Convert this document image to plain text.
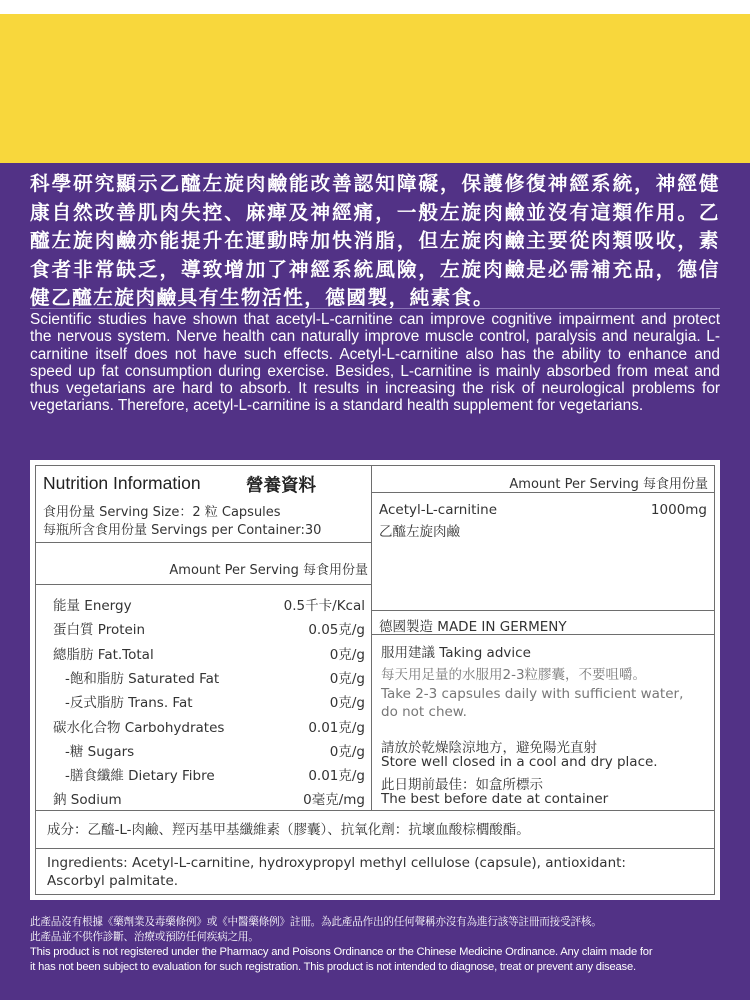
科學研究顯示乙醯左旋肉鹼能改善認知障礙，保護修復神經系統，神經健康自然改善肌肉失控、麻痺及神經痛，一般左旋肉鹼並沒有這類作用。乙醯左旋肉鹼亦能提升在運動時加快消脂，但左旋肉鹼主要從肉類吸收，素食者非常缺乏，導致增加了神經系統風險，左旋肉鹼是必需補充品，德信健乙醯左旋肉鹼具有生物活性，德國製，純素食。

Scientific studies have shown that acetyl-L-carnitine can improve cognitive impairment and protect the nervous system. Nerve health can naturally improve muscle control, paralysis and neuralgia. L-carnitine itself does not have such effects. Acetyl-L-carnitine also has the ability to enhance and speed up fat consumption during exercise. Besides, L-carnitine is mainly absorbed from meat and thus vegetarians are hard to absorb. It results in increasing the risk of neurological problems for vegetarians. Therefore, acetyl-L-carnitine is a standard health supplement for vegetarians.

Nutrition Information	營養資料
食用份量 Serving Size：2 粒 Capsules
每瓶所含食用份量 Servings per Container:30
Amount Per Serving 每食用份量
能量 Energy	0.5千卡/Kcal
蛋白質 Protein	0.05克/g
總脂肪 Fat.Total	0克/g
-飽和脂肪 Saturated Fat	0克/g
-反式脂肪 Trans. Fat	0克/g
碳水化合物 Carbohydrates	0.01克/g
-糖 Sugars	0克/g
-膳食纖維 Dietary Fibre	0.01克/g
鈉 Sodium	0毫克/mg
Amount Per Serving 每食用份量
Acetyl-L-carnitine
乙醯左旋肉鹼
1000mg
德國製造 MADE IN GERMENY
服用建議 Taking advice
每天用足量的水服用2-3粒膠囊，不要咀嚼。
Take 2-3 capsules daily with sufficient water,
do not chew.
請放於乾燥陰涼地方，避免陽光直射
Store well closed in a cool and dry place.
此日期前最佳：如盒所標示
The best before date at container
成分：乙醯-L-肉鹼、羥丙基甲基纖維素（膠囊）、抗氧化劑：抗壞血酸棕櫚酸酯。
Ingredients: Acetyl-L-carnitine, hydroxypropyl methyl cellulose (capsule), antioxidant:
Ascorbyl palmitate.
此產品沒有根據《藥劑業及毒藥條例》或《中醫藥條例》註冊。為此產品作出的任何聲稱亦沒有為進行該等註冊而接受評核。
此產品並不供作診斷、治療或預防任何疾病之用。
This product is not registered under the Pharmacy and Poisons Ordinance or the Chinese Medicine Ordinance. Any claim made for
it has not been subject to evaluation for such registration. This product is not intended to diagnose, treat or prevent any disease.
